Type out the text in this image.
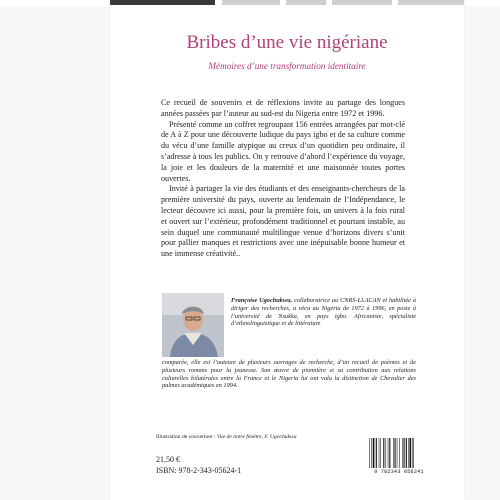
Bribes d’une vie nigériane
Mémoires d’une transformation identitaire

Ce recueil de souvenirs et de réflexions invite au partage des longues années passées par l’auteur au sud-est du Nigeria entre 1972 et 1996.

Présenté comme un coffret regroupant 156 entrées arrangées par mot-clé de A à Z pour une découverte ludique du pays igbo et de sa culture comme du vécu d’une famille atypique au creux d’un quotidien peu ordinaire, il s’adresse à tous les publics. On y retrouve d’abord l’expérience du voyage, la joie et les douleurs de la maternité et une maisonnée toutes portes ouvertes.

Invité à partager la vie des étudiants et des enseignants-chercheurs de la première université du pays, ouverte au lendemain de l’Indépendance, le lecteur découvre ici aussi, pour la première fois, un univers à la fois rural et ouvert sur l’extérieur, profondément traditionnel et pourtant instable, au sein duquel une communauté multilingue venue d’horizons divers s’unit pour pallier manques et restrictions avec une inépuisable bonne humeur et une immense créativité..

Françoise Ugochukwu, collaboratrice au CNRS-LLACAN et habilitée à diriger des recherches, a vécu au Nigeria de 1972 à 1996, en poste à l’université de Nsukka, en pays igbo. Africaniste, spécialiste d’ethnolinguistique et de littérature
comparée, elle est l’auteure de plusieurs ouvrages de recherche, d’un recueil de poèmes et de plusieurs romans pour la jeunesse. Son œuvre de pionnière et sa contribution aux relations culturelles bilatérales entre la France et le Nigeria lui ont valu la distinction de Chevalier des palmes académiques en 1994.
Illustration de couverture : Vue de notre fenêtre, F. Ugochukwu
21,50 €
ISBN: 978-2-343-05624-1	9 782343 056241
